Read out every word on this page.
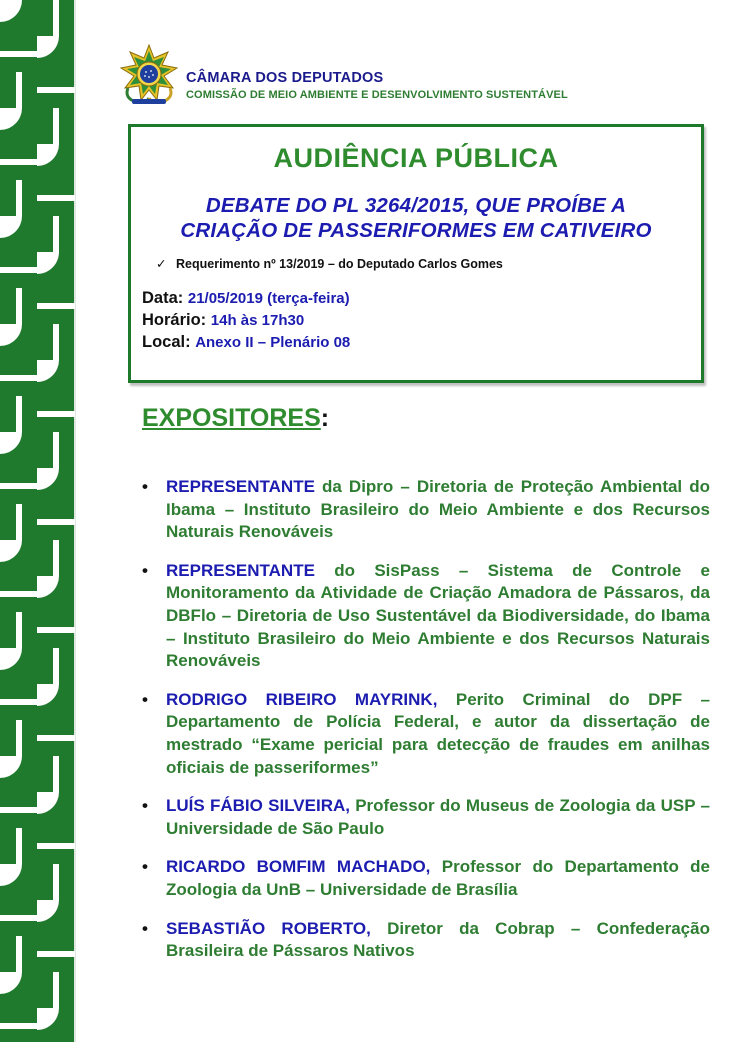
CÂMARA DOS DEPUTADOS
COMISSÃO DE MEIO AMBIENTE E DESENVOLVIMENTO SUSTENTÁVEL
AUDIÊNCIA PÚBLICA
DEBATE DO PL 3264/2015, QUE PROÍBE A
CRIAÇÃO DE PASSERIFORMES EM CATIVEIRO
✓ Requerimento nº 13/2019 – do Deputado Carlos Gomes
Data: 21/05/2019 (terça-feira)
Horário: 14h às 17h30
Local: Anexo II – Plenário 08
EXPOSITORES:
• REPRESENTANTE da Dipro – Diretoria de Proteção Ambiental do Ibama – Instituto Brasileiro do Meio Ambiente e dos Recursos Naturais Renováveis
• REPRESENTANTE do SisPass – Sistema de Controle e Monitoramento da Atividade de Criação Amadora de Pássaros, da DBFlo – Diretoria de Uso Sustentável da Biodiversidade, do Ibama – Instituto Brasileiro do Meio Ambiente e dos Recursos Naturais Renováveis
• RODRIGO RIBEIRO MAYRINK, Perito Criminal do DPF – Departamento de Polícia Federal, e autor da dissertação de mestrado “Exame pericial para detecção de fraudes em anilhas oficiais de passeriformes”
• LUÍS FÁBIO SILVEIRA, Professor do Museus de Zoologia da USP – Universidade de São Paulo
• RICARDO BOMFIM MACHADO, Professor do Departamento de Zoologia da UnB – Universidade de Brasília
• SEBASTIÃO ROBERTO, Diretor da Cobrap – Confederação Brasileira de Pássaros Nativos
